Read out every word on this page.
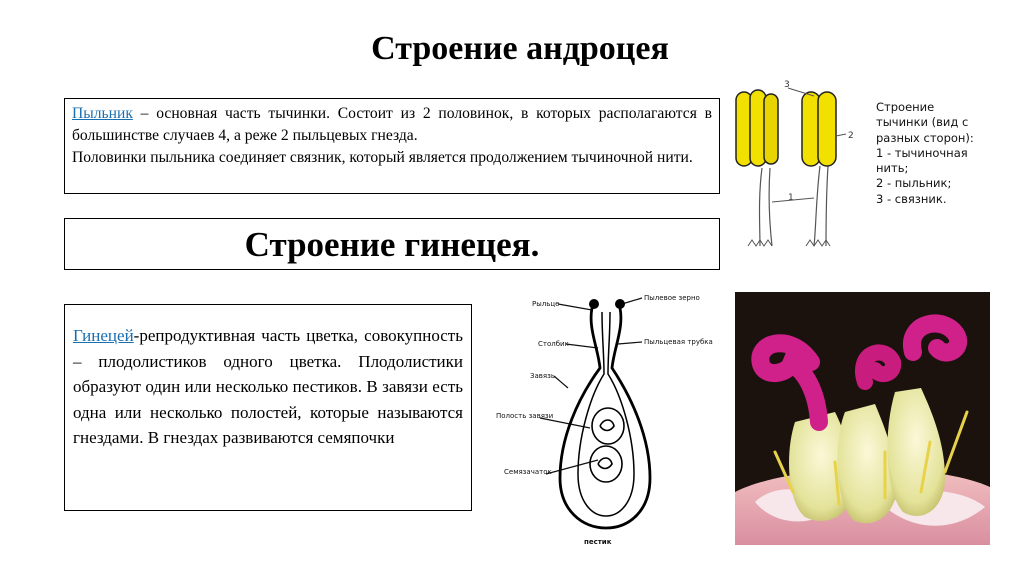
Строение андроцея

Пыльник – основная часть тычинки. Состоит из 2 половинок, в которых располагаются в большинстве случаев 4, а реже 2 пыльцевых гнезда.

Половинки пыльника соединяет связник, который является продолжением тычиночной нити.

Строение гинецея.
Гинецей-репродуктивная часть цветка, совокупность – плодолистиков одного цветка. Плодолистики образуют один или несколько пестиков. В завязи есть одна или несколько полостей, которые называются гнездами. В гнездах развиваются семяпочки
3
2
1
Строение
тычинки (вид с
разных сторон):
1 - тычиночная
нить;
2 - пыльник;
3 - связник.
Рыльце
Столбик
Завязь
Полость завязи
Семязачаток
Пылевое зерно
Пыльцевая трубка
пестик
